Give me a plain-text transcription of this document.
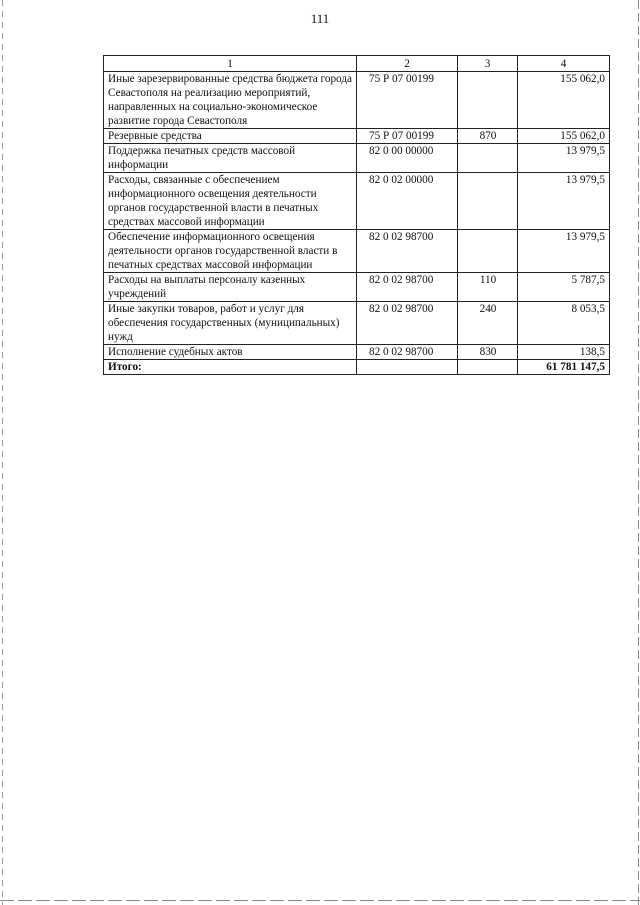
111
1	2	3	4
Иные зарезервированные средства бюджета города Севастополя на реализацию мероприятий, направленных на социально-экономическое развитие города Севастополя	75 Р 07 00199		155 062,0
Резервные средства	75 Р 07 00199	870	155 062,0
Поддержка печатных средств массовой информации	82 0 00 00000		13 979,5
Расходы, связанные с обеспечением информационного освещения деятельности органов государственной власти в печатных средствах массовой информации	82 0 02 00000		13 979,5
Обеспечение информационного освещения деятельности органов государственной власти в печатных средствах массовой информации	82 0 02 98700		13 979,5
Расходы на выплаты персоналу казенных учреждений	82 0 02 98700	110	5 787,5
Иные закупки товаров, работ и услуг для обеспечения государственных (муниципальных) нужд	82 0 02 98700	240	8 053,5
Исполнение судебных актов	82 0 02 98700	830	138,5
Итого:			61 781 147,5
